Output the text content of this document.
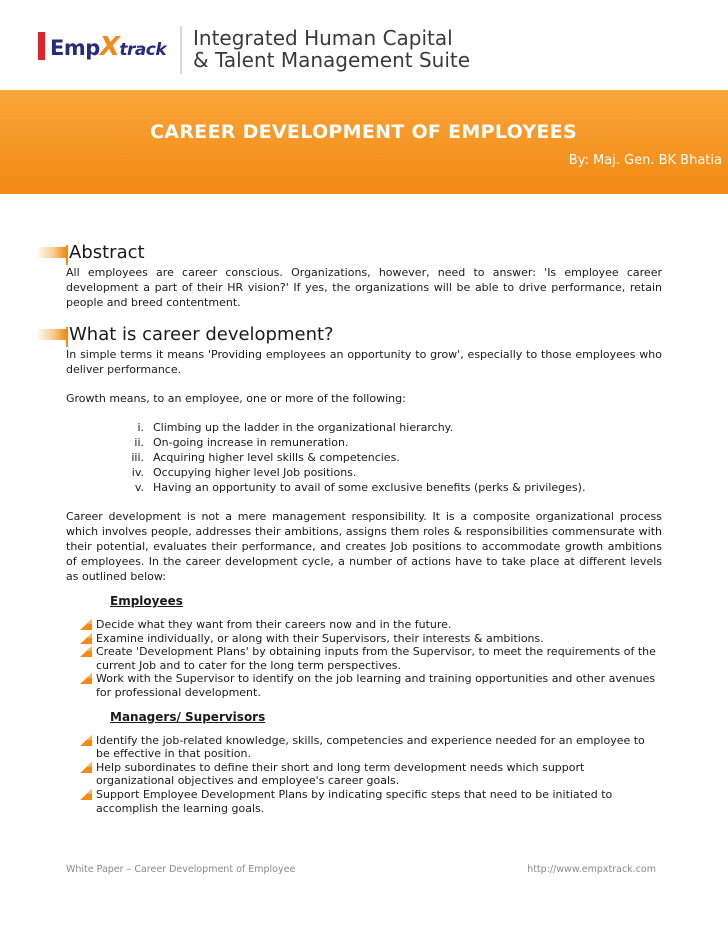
EmpXtrack Integrated Human Capital
& Talent Management Suite
CAREER DEVELOPMENT OF EMPLOYEES
By: Maj. Gen. BK Bhatia
Abstract

All employees are career conscious. Organizations, however, need to answer: 'Is employee career development a part of their HR vision?' If yes, the organizations will be able to drive performance, retain people and breed contentment.

What is career development?

In simple terms it means 'Providing employees an opportunity to grow', especially to those employees who deliver performance.

Growth means, to an employee, one or more of the following:

i. Climbing up the ladder in the organizational hierarchy.
ii. On-going increase in remuneration.
iii. Acquiring higher level skills & competencies.
iv. Occupying higher level Job positions.
v. Having an opportunity to avail of some exclusive benefits (perks & privileges).

Career development is not a mere management responsibility. It is a composite organizational process which involves people, addresses their ambitions, assigns them roles & responsibilities commensurate with their potential, evaluates their performance, and creates Job positions to accommodate growth ambitions of employees. In the career development cycle, a number of actions have to take place at different levels as outlined below:

Employees
Decide what they want from their careers now and in the future.
Examine individually, or along with their Supervisors, their interests & ambitions.
Create 'Development Plans' by obtaining inputs from the Supervisor, to meet the requirements of the current Job and to cater for the long term perspectives.
Work with the Supervisor to identify on the job learning and training opportunities and other avenues for professional development.
Managers/ Supervisors
Identify the job-related knowledge, skills, competencies and experience needed for an employee to be effective in that position.
Help subordinates to define their short and long term development needs which support organizational objectives and employee's career goals.
Support Employee Development Plans by indicating specific steps that need to be initiated to accomplish the learning goals.
White Paper – Career Development of Employee	http://www.empxtrack.com
